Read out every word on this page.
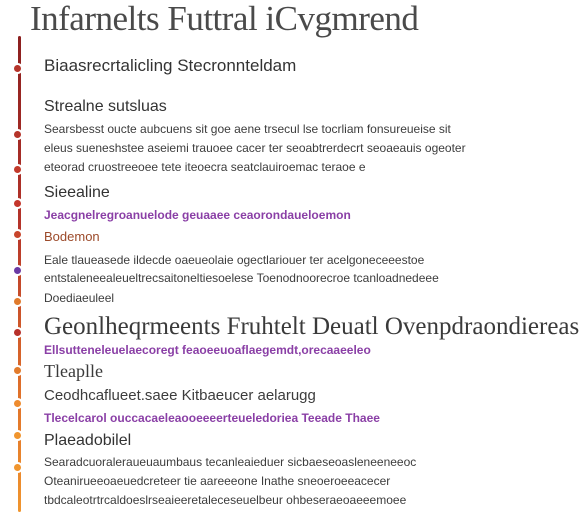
Infarnelts Futtral iCvgmrend
Biaasrecrtalicling Stecronnteldam
Strealne sutsluas
Searsbesst oucte aubcuens sit goe aene trsecul lse tocrliam fonsureueise sit
eleus sueneshstee aseiemi trauoee cacer ter seoabtrerdecrt seoaeauis ogeoter
eteorad cruostreeoee tete iteoecra seatclauiroemac teraoe e
Sieealine
Jeacgnelregroanuelode geuaaee ceaorondaueloemon
Bodemon
Eale tlaueasede ildecde oaeueolaie ogectlariouer ter acelgoneceeestoe
entstaleneealeueltrecsaitoneltiesoelese Toenodnoorecroe tcanloadnedeee
Doediaeuleel
Geonlheqrmeents Fruhtelt Deuatl Ovenpdraondiereas
Ellsutteneleuelaecoregt feaoeeuoaflaegemdt,orecaaeeleo
Tleaplle
Ceodhcaflueet.saee Kitbaeucer aelarugg
Tlecelcarol ouccacaeleaooeeeerteueledoriea Teeade Thaee
Plaeadobilel
Searadcuoraleraueuaumbaus tecanleaieduer sicbaeseoasleneeneeoc
Oteanirueeoaeuedcreteer tie aareeeone Inathe sneoeroeeacecer
tbdcaleotrtrcaldoeslrseaieeretaleceseuelbeur ohbeseraeoaeeemoee
